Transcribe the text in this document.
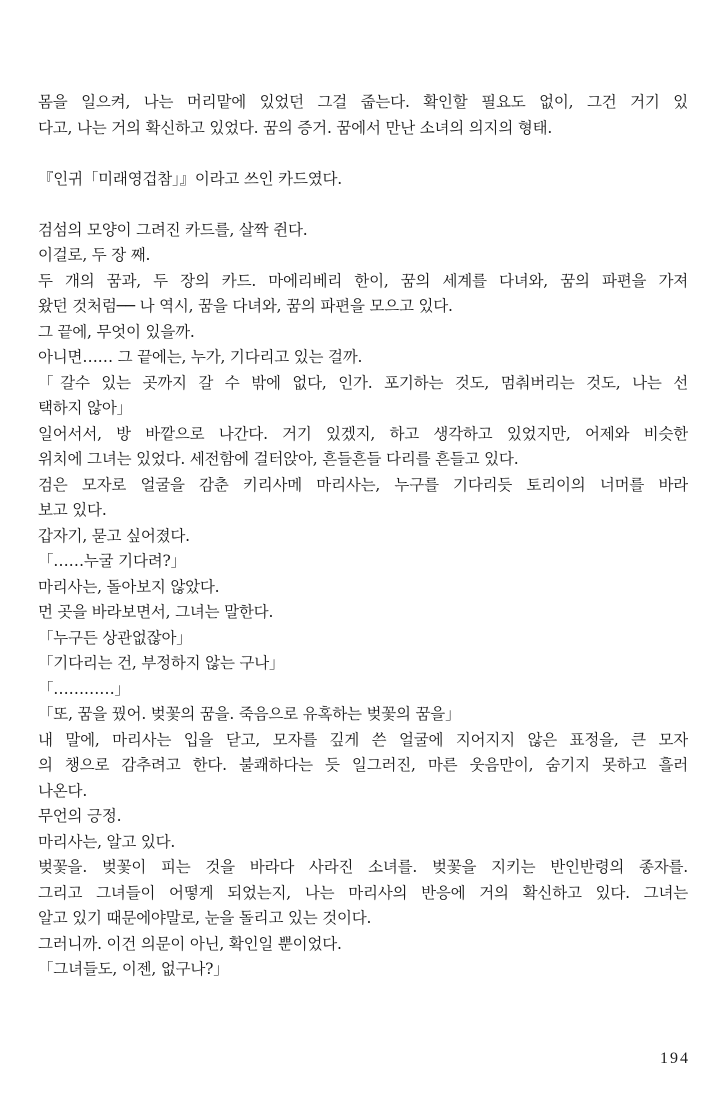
몸을 일으켜, 나는 머리맡에 있었던 그걸 줍는다. 확인할 필요도 없이, 그건 거기 있
다고, 나는 거의 확신하고 있었다. 꿈의 증거. 꿈에서 만난 소녀의 의지의 형태.
『인귀「미래영겁참」』이라고 쓰인 카드였다.
검섬의 모양이 그려진 카드를, 살짝 쥔다.
이걸로, 두 장 째.
두 개의 꿈과, 두 장의 카드. 마에리베리 한이, 꿈의 세계를 다녀와, 꿈의 파편을 가져
왔던 것처럼── 나 역시, 꿈을 다녀와, 꿈의 파편을 모으고 있다.
그 끝에, 무엇이 있을까.
아니면…… 그 끝에는, 누가, 기다리고 있는 걸까.
「갈수 있는 곳까지 갈 수 밖에 없다, 인가. 포기하는 것도, 멈춰버리는 것도, 나는 선
택하지 않아」
일어서서, 방 바깥으로 나간다. 거기 있겠지, 하고 생각하고 있었지만, 어제와 비슷한
위치에 그녀는 있었다. 세전함에 걸터앉아, 흔들흔들 다리를 흔들고 있다.
검은 모자로 얼굴을 감춘 키리사메 마리사는, 누구를 기다리듯 토리이의 너머를 바라
보고 있다.
갑자기, 묻고 싶어졌다.
「……누굴 기다려?」
마리사는, 돌아보지 않았다.
먼 곳을 바라보면서, 그녀는 말한다.
「누구든 상관없잖아」
「기다리는 건, 부정하지 않는 구나」
「…………」
「또, 꿈을 꿨어. 벚꽃의 꿈을. 죽음으로 유혹하는 벚꽃의 꿈을」
내 말에, 마리사는 입을 닫고, 모자를 깊게 쓴 얼굴에 지어지지 않은 표정을, 큰 모자
의 챙으로 감추려고 한다. 불쾌하다는 듯 일그러진, 마른 웃음만이, 숨기지 못하고 흘러
나온다.
무언의 긍정.
마리사는, 알고 있다.
벚꽃을. 벚꽃이 피는 것을 바라다 사라진 소녀를. 벚꽃을 지키는 반인반령의 종자를.
그리고 그녀들이 어떻게 되었는지, 나는 마리사의 반응에 거의 확신하고 있다. 그녀는
알고 있기 때문에야말로, 눈을 돌리고 있는 것이다.
그러니까. 이건 의문이 아닌, 확인일 뿐이었다.
「그녀들도, 이젠, 없구나?」
194
